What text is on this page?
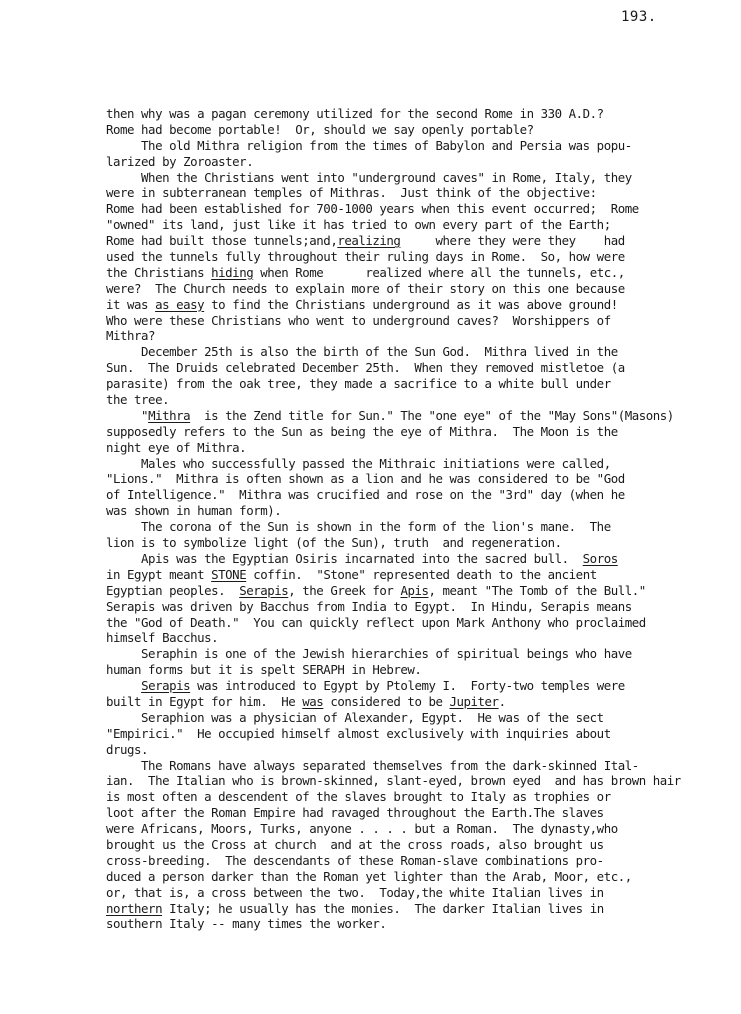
193.
then why was a pagan ceremony utilized for the second Rome in 330 A.D.?
Rome had become portable!  Or, should we say openly portable?
The old Mithra religion from the times of Babylon and Persia was popu-
larized by Zoroaster.
When the Christians went into "underground caves" in Rome, Italy, they
were in subterranean temples of Mithras.  Just think of the objective:
Rome had been established for 700-1000 years when this event occurred;  Rome
"owned" its land, just like it has tried to own every part of the Earth;
Rome had built those tunnels;and,realizing     where they were they    had
used the tunnels fully throughout their ruling days in Rome.  So, how were
the Christians hiding when Rome      realized where all the tunnels, etc.,
were?  The Church needs to explain more of their story on this one because
it was as easy to find the Christians underground as it was above ground!
Who were these Christians who went to underground caves?  Worshippers of
Mithra?
December 25th is also the birth of the Sun God.  Mithra lived in the
Sun.  The Druids celebrated December 25th.  When they removed mistletoe (a
parasite) from the oak tree, they made a sacrifice to a white bull under
the tree.
"Mithra  is the Zend title for Sun." The "one eye" of the "May Sons"(Masons)
supposedly refers to the Sun as being the eye of Mithra.  The Moon is the
night eye of Mithra.
Males who successfully passed the Mithraic initiations were called,
"Lions."  Mithra is often shown as a lion and he was considered to be "God
of Intelligence."  Mithra was crucified and rose on the "3rd" day (when he
was shown in human form).
The corona of the Sun is shown in the form of the lion's mane.  The
lion is to symbolize light (of the Sun), truth  and regeneration.
Apis was the Egyptian Osiris incarnated into the sacred bull.  Soros
in Egypt meant STONE coffin.  "Stone" represented death to the ancient
Egyptian peoples.  Serapis, the Greek for Apis, meant "The Tomb of the Bull."
Serapis was driven by Bacchus from India to Egypt.  In Hindu, Serapis means
the "God of Death."  You can quickly reflect upon Mark Anthony who proclaimed
himself Bacchus.
Seraphin is one of the Jewish hierarchies of spiritual beings who have
human forms but it is spelt SERAPH in Hebrew.
Serapis was introduced to Egypt by Ptolemy I.  Forty-two temples were
built in Egypt for him.  He was considered to be Jupiter.
Seraphion was a physician of Alexander, Egypt.  He was of the sect
"Empirici."  He occupied himself almost exclusively with inquiries about
drugs.
The Romans have always separated themselves from the dark-skinned Ital-
ian.  The Italian who is brown-skinned, slant-eyed, brown eyed  and has brown hair
is most often a descendent of the slaves brought to Italy as trophies or
loot after the Roman Empire had ravaged throughout the Earth.The slaves
were Africans, Moors, Turks, anyone . . . . but a Roman.  The dynasty,who
brought us the Cross at church  and at the cross roads, also brought us
cross-breeding.  The descendants of these Roman-slave combinations pro-
duced a person darker than the Roman yet lighter than the Arab, Moor, etc.,
or, that is, a cross between the two.  Today,the white Italian lives in
northern Italy; he usually has the monies.  The darker Italian lives in
southern Italy -- many times the worker.
